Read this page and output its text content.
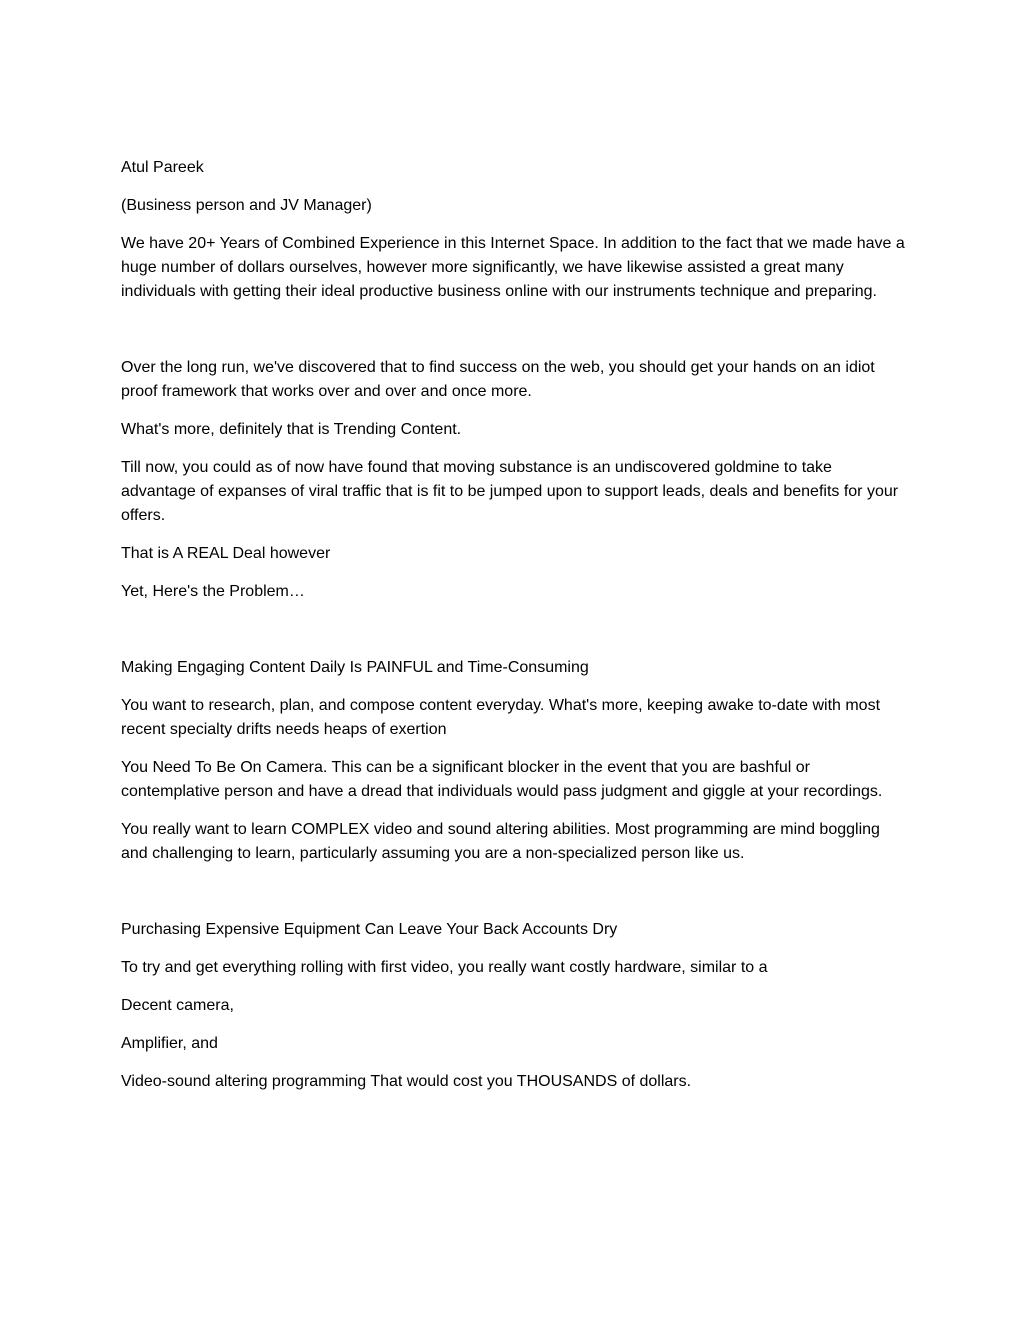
Atul Pareek

(Business person and JV Manager)

We have 20+ Years of Combined Experience in this Internet Space. In addition to the fact that we made have a huge number of dollars ourselves, however more significantly, we have likewise assisted a great many individuals with getting their ideal productive business online with our instruments technique and preparing.

Over the long run, we've discovered that to find success on the web, you should get your hands on an idiot proof framework that works over and over and once more.

What's more, definitely that is Trending Content.

Till now, you could as of now have found that moving substance is an undiscovered goldmine to take advantage of expanses of viral traffic that is fit to be jumped upon to support leads, deals and benefits for your offers.

That is A REAL Deal however

Yet, Here's the Problem…

Making Engaging Content Daily Is PAINFUL and Time-Consuming

You want to research, plan, and compose content everyday. What's more, keeping awake to-date with most recent specialty drifts needs heaps of exertion

You Need To Be On Camera. This can be a significant blocker in the event that you are bashful or contemplative person and have a dread that individuals would pass judgment and giggle at your recordings.

You really want to learn COMPLEX video and sound altering abilities. Most programming are mind boggling and challenging to learn, particularly assuming you are a non-specialized person like us.

Purchasing Expensive Equipment Can Leave Your Back Accounts Dry

To try and get everything rolling with first video, you really want costly hardware, similar to a

Decent camera,

Amplifier, and

Video-sound altering programming That would cost you THOUSANDS of dollars.
